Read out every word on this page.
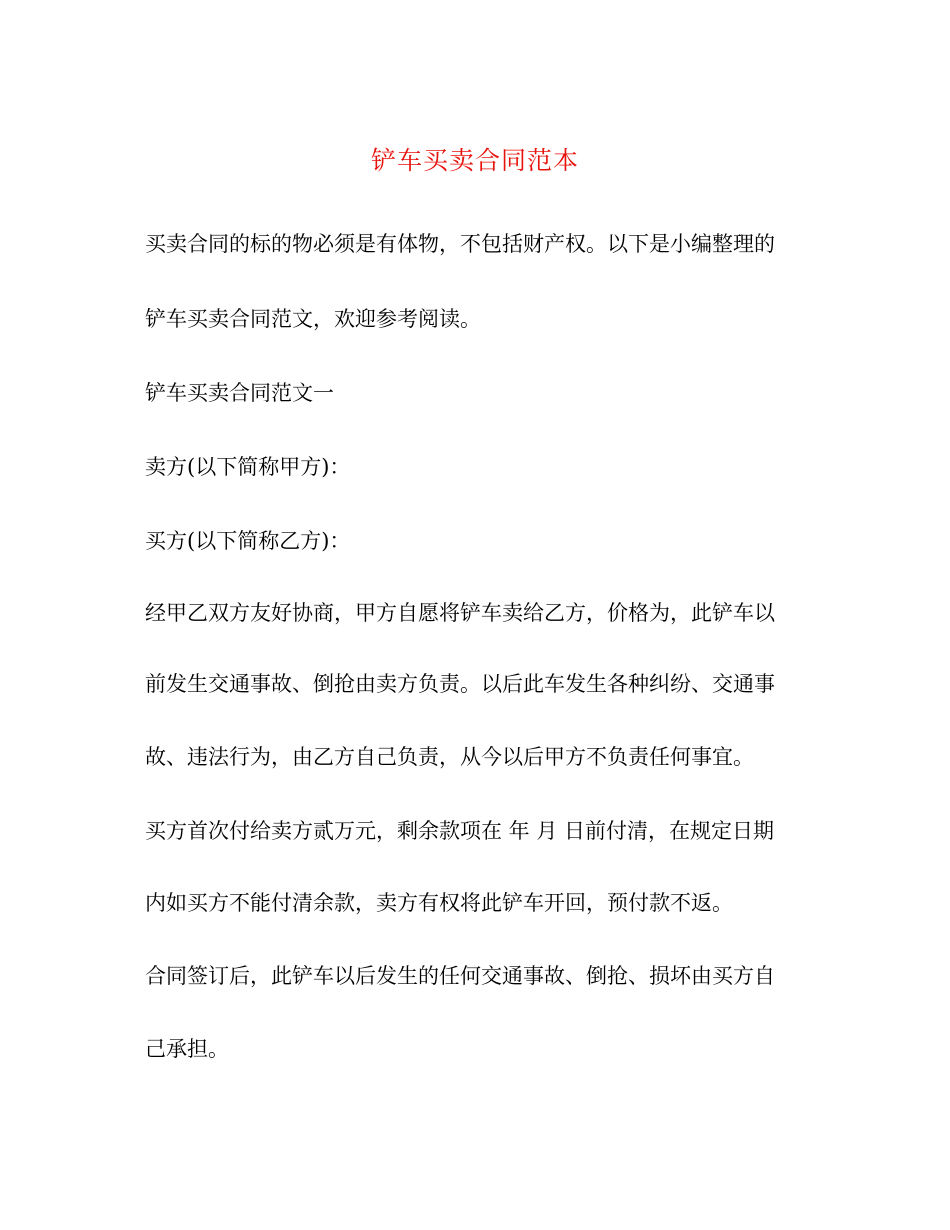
铲车买卖合同范本
买卖合同的标的物必须是有体物，不包括财产权。以下是小编整理的
铲车买卖合同范文，欢迎参考阅读。
铲车买卖合同范文一
卖方(以下简称甲方)：
买方(以下简称乙方)：
经甲乙双方友好协商，甲方自愿将铲车卖给乙方，价格为，此铲车以
前发生交通事故、倒抢由卖方负责。以后此车发生各种纠纷、交通事
故、违法行为，由乙方自己负责，从今以后甲方不负责任何事宜。
买方首次付给卖方贰万元，剩余款项在 年 月 日前付清，在规定日期
内如买方不能付清余款，卖方有权将此铲车开回，预付款不返。
合同签订后，此铲车以后发生的任何交通事故、倒抢、损坏由买方自
己承担。
